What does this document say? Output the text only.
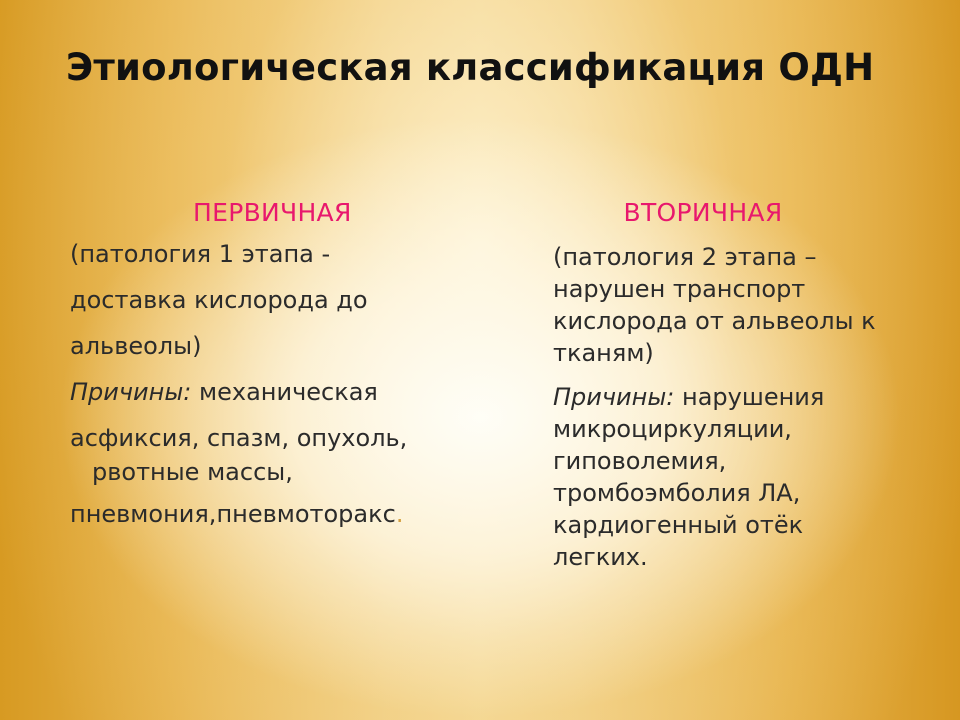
Этиологическая классификация ОДН

ПЕРВИЧНАЯ

(патология 1 этапа -
доставка кислорода до
альвеолы)
Причины: механическая
асфиксия, спазм, опухоль,
рвотные массы,
пневмония,пневмоторакс.

ВТОРИЧНАЯ

(патология 2 этапа –
нарушен транспорт
кислорода от альвеолы к
тканям)
Причины: нарушения
микроциркуляции,
гиповолемия,
тромбоэмболия ЛА,
кардиогенный отёк
легких.
